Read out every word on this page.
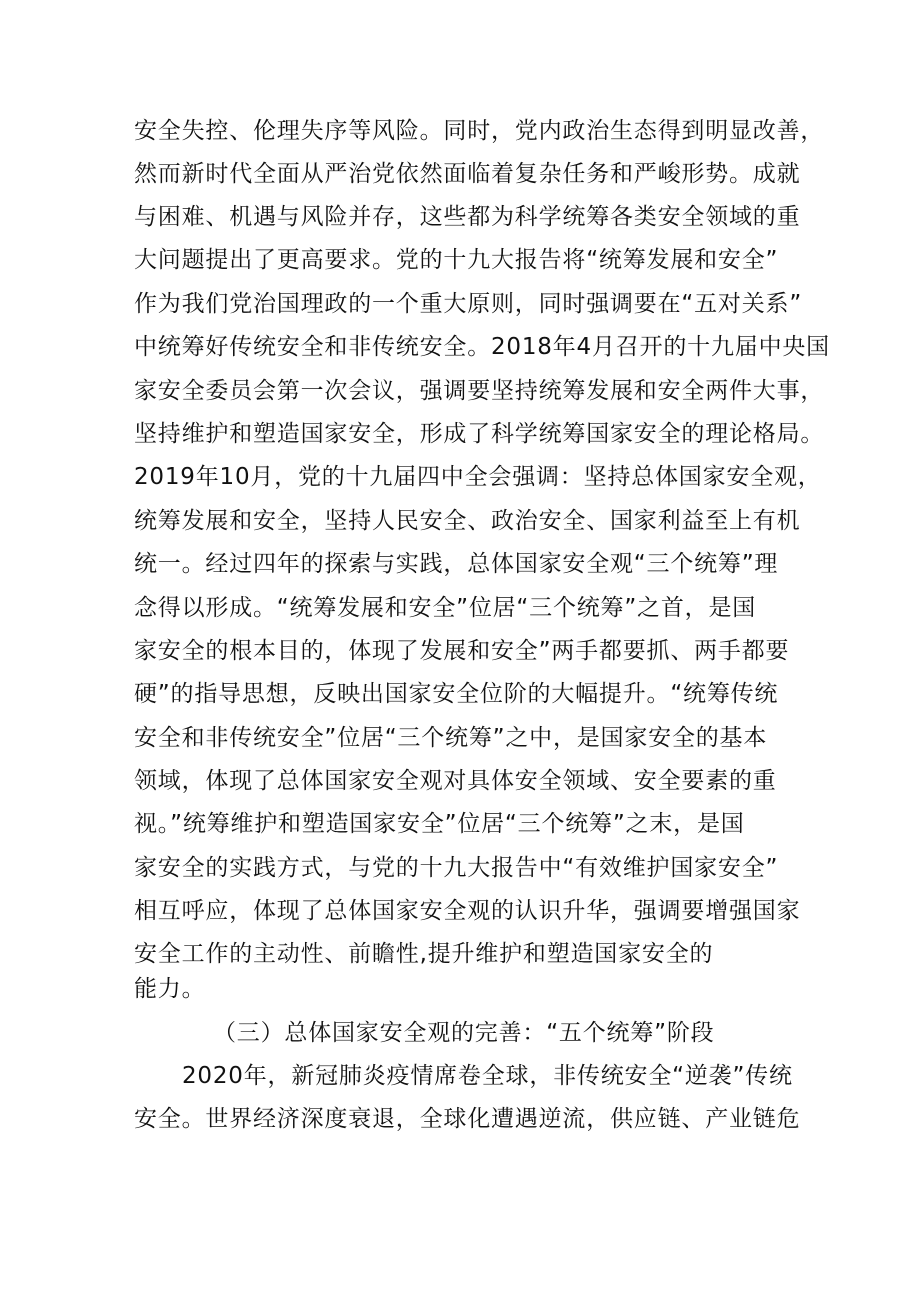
安全失控、伦理失序等风险。同时，党内政治生态得到明显改善，
然而新时代全面从严治党依然面临着复杂任务和严峻形势。成就
与困难、机遇与风险并存，这些都为科学统筹各类安全领域的重
大问题提出了更高要求。党的十九大报告将“统筹发展和安全”
作为我们党治国理政的一个重大原则，同时强调要在“五对关系”
中统筹好传统安全和非传统安全。2018年4月召开的十九届中央国
家安全委员会第一次会议，强调要坚持统筹发展和安全两件大事，
坚持维护和塑造国家安全，形成了科学统筹国家安全的理论格局。
2019年10月，党的十九届四中全会强调：坚持总体国家安全观，
统筹发展和安全，坚持人民安全、政治安全、国家利益至上有机
统一。经过四年的探索与实践，总体国家安全观“三个统筹”理
念得以形成。“统筹发展和安全”位居“三个统筹”之首，是国
家安全的根本目的，体现了发展和安全”两手都要抓、两手都要
硬”的指导思想，反映出国家安全位阶的大幅提升。“统筹传统
安全和非传统安全”位居“三个统筹”之中，是国家安全的基本
领域，体现了总体国家安全观对具体安全领域、安全要素的重
视。”统筹维护和塑造国家安全”位居“三个统筹”之末，是国
家安全的实践方式，与党的十九大报告中“有效维护国家安全”
相互呼应，体现了总体国家安全观的认识升华，强调要增强国家
安全工作的主动性、前瞻性,提升维护和塑造国家安全的
能力。
（三）总体国家安全观的完善：“五个统筹”阶段
2020年，新冠肺炎疫情席卷全球，非传统安全“逆袭”传统
安全。世界经济深度衰退，全球化遭遇逆流，供应链、产业链危
